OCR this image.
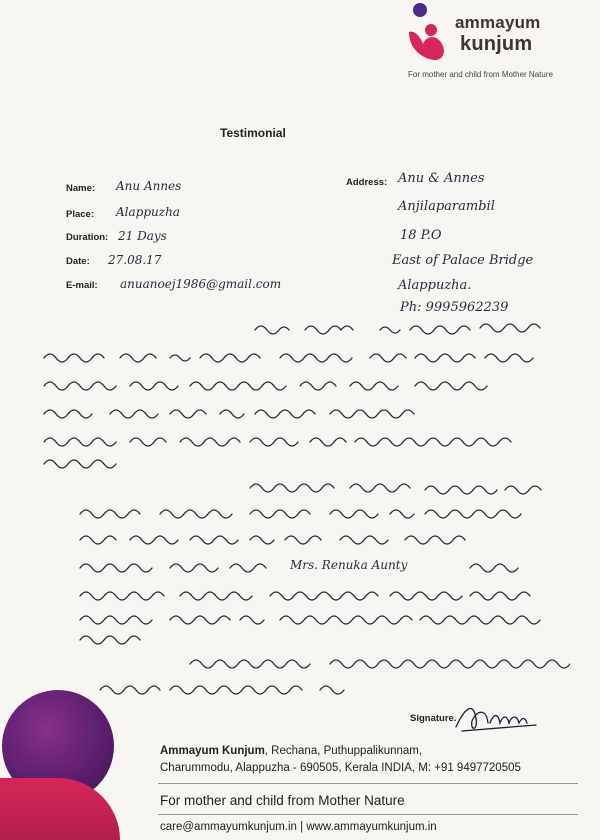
ammayum
kunjum
For mother and child from Mother Nature
Testimonial
Name: Anu Annes
Place: Alappuzha
Duration: 21 Days
Date: 27.08.17
E-mail: anuanoej1986@gmail.com
Address: Anu & Annes
Anjilaparambil
18 P.O
East of Palace Bridge
Alappuzha.
Ph: 9995962239
Mrs. Renuka Aunty
Signature.
Ammayum Kunjum, Rechana, Puthuppalikunnam,
Charummodu, Alappuzha - 690505, Kerala INDIA, M: +91 9497720505
For mother and child from Mother Nature
care@ammayumkunjum.in | www.ammayumkunjum.in
